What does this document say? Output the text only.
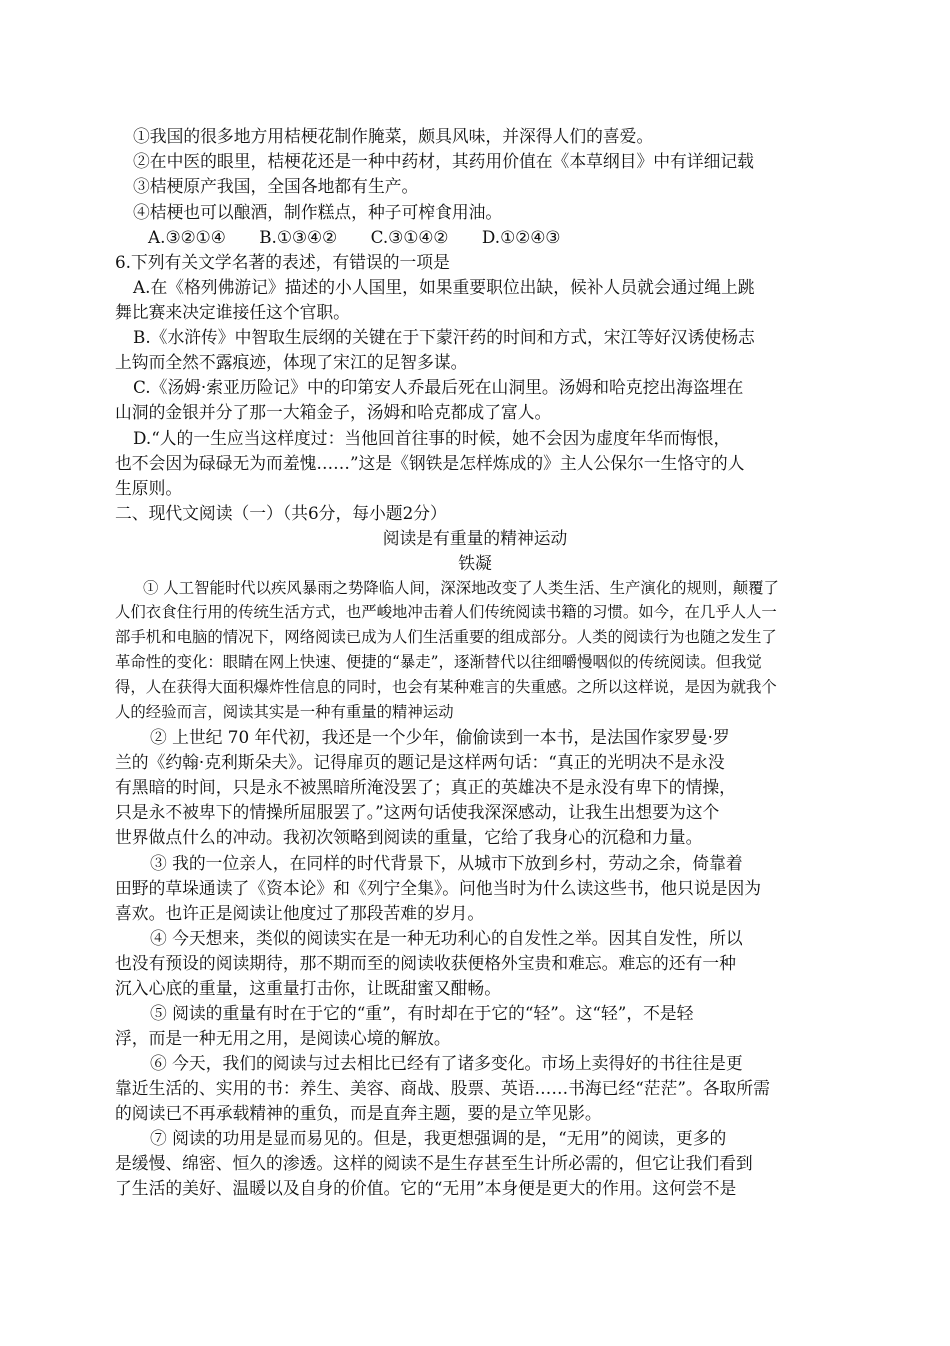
①我国的很多地方用桔梗花制作腌菜，颇具风味，并深得人们的喜爱。
②在中医的眼里，桔梗花还是一种中药材，其药用价值在《本草纲目》中有详细记载
③桔梗原产我国，全国各地都有生产。
④桔梗也可以酿酒，制作糕点，种子可榨食用油。
A.③②①④　　B.①③④②　　C.③①④②　　D.①②④③
6.下列有关文学名著的表述，有错误的一项是
A.在《格列佛游记》描述的小人国里，如果重要职位出缺，候补人员就会通过绳上跳
舞比赛来决定谁接任这个官职。
B.《水浒传》中智取生辰纲的关键在于下蒙汗药的时间和方式，宋江等好汉诱使杨志
上钩而全然不露痕迹，体现了宋江的足智多谋。
C.《汤姆·索亚历险记》中的印第安人乔最后死在山洞里。汤姆和哈克挖出海盗埋在
山洞的金银并分了那一大箱金子，汤姆和哈克都成了富人。
D.“人的一生应当这样度过：当他回首往事的时候，她不会因为虚度年华而悔恨，
也不会因为碌碌无为而羞愧……”这是《钢铁是怎样炼成的》主人公保尔一生恪守的人
生原则。
二、现代文阅读（一）（共6分，每小题2分）
阅读是有重量的精神运动
铁凝
① 人工智能时代以疾风暴雨之势降临人间，深深地改变了人类生活、生产演化的规则，颠覆了
人们衣食住行用的传统生活方式，也严峻地冲击着人们传统阅读书籍的习惯。如今，在几乎人人一
部手机和电脑的情况下，网络阅读已成为人们生活重要的组成部分。人类的阅读行为也随之发生了
革命性的变化：眼睛在网上快速、便捷的“暴走”，逐渐替代以往细嚼慢咽似的传统阅读。但我觉
得，人在获得大面积爆炸性信息的同时，也会有某种难言的失重感。之所以这样说，是因为就我个
人的经验而言，阅读其实是一种有重量的精神运动
② 上世纪 70 年代初，我还是一个少年，偷偷读到一本书，是法国作家罗曼·罗
兰的《约翰·克利斯朵夫》。记得扉页的题记是这样两句话：“真正的光明决不是永没
有黑暗的时间，只是永不被黑暗所淹没罢了；真正的英雄决不是永没有卑下的情操，
只是永不被卑下的情操所屈服罢了。”这两句话使我深深感动，让我生出想要为这个
世界做点什么的冲动。我初次领略到阅读的重量，它给了我身心的沉稳和力量。
③ 我的一位亲人，在同样的时代背景下，从城市下放到乡村，劳动之余，倚靠着
田野的草垛通读了《资本论》和《列宁全集》。问他当时为什么读这些书，他只说是因为
喜欢。也许正是阅读让他度过了那段苦难的岁月。
④ 今天想来，类似的阅读实在是一种无功利心的自发性之举。因其自发性，所以
也没有预设的阅读期待，那不期而至的阅读收获便格外宝贵和难忘。难忘的还有一种
沉入心底的重量，这重量打击你，让既甜蜜又酣畅。
⑤ 阅读的重量有时在于它的“重”，有时却在于它的“轻”。这“轻”，不是轻
浮，而是一种无用之用，是阅读心境的解放。
⑥ 今天，我们的阅读与过去相比已经有了诸多变化。市场上卖得好的书往往是更
靠近生活的、实用的书：养生、美容、商战、股票、英语……书海已经“茫茫”。各取所需
的阅读已不再承载精神的重负，而是直奔主题，要的是立竿见影。
⑦ 阅读的功用是显而易见的。但是，我更想强调的是，“无用”的阅读，更多的
是缓慢、绵密、恒久的渗透。这样的阅读不是生存甚至生计所必需的，但它让我们看到
了生活的美好、温暖以及自身的价值。它的“无用”本身便是更大的作用。这何尝不是
